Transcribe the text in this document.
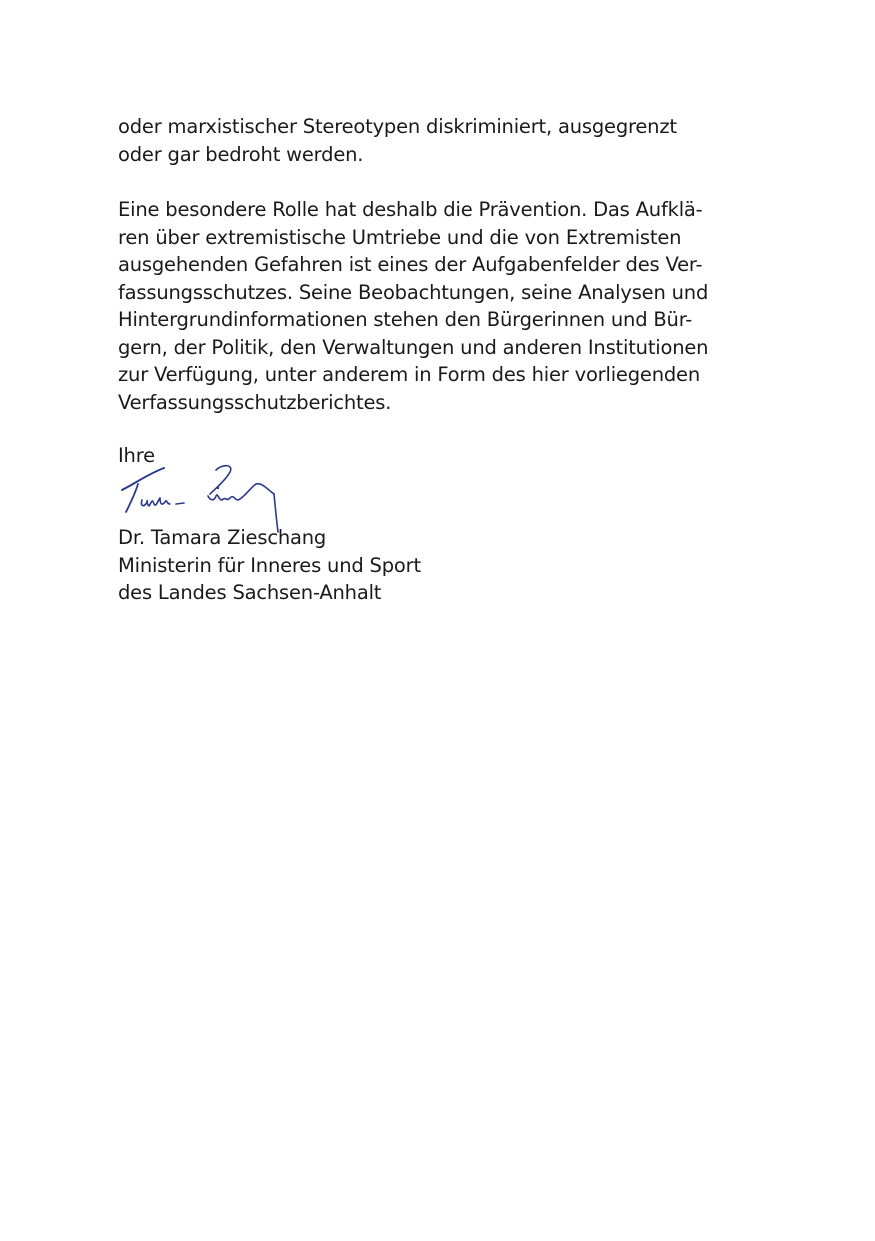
oder marxistischer Stereotypen diskriminiert, ausgegrenzt
oder gar bedroht werden.
Eine besondere Rolle hat deshalb die Prävention. Das Aufklä-
ren über extremistische Umtriebe und die von Extremisten
ausgehenden Gefahren ist eines der Aufgabenfelder des Ver-
fassungsschutzes. Seine Beobachtungen, seine Analysen und
Hintergrundinformationen stehen den Bürgerinnen und Bür-
gern, der Politik, den Verwaltungen und anderen Institutionen
zur Verfügung, unter anderem in Form des hier vorliegenden
Verfassungsschutzberichtes.
Ihre
Dr. Tamara Zieschang
Ministerin für Inneres und Sport
des Landes Sachsen-Anhalt
